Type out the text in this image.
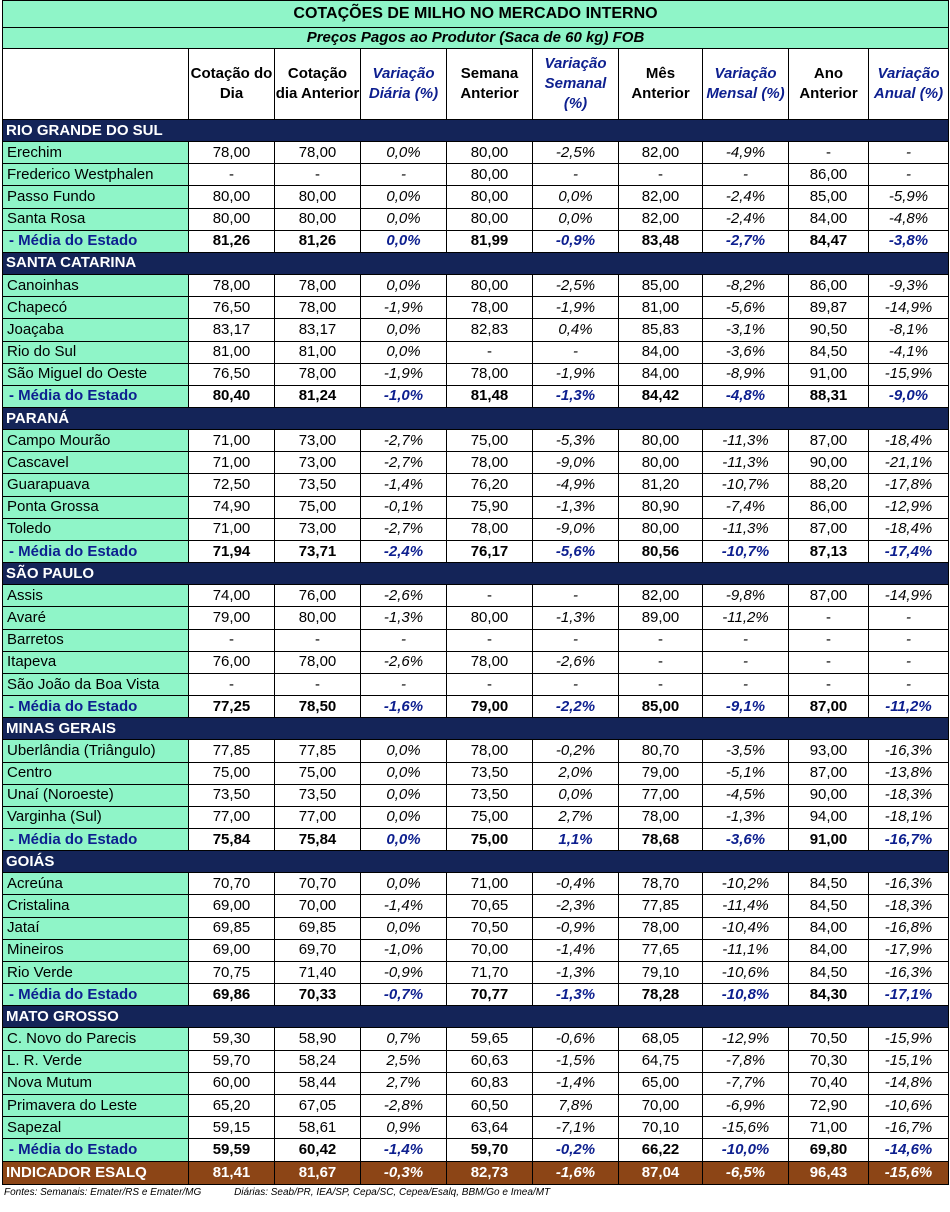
COTAÇÕES DE MILHO NO MERCADO INTERNO									
Preços Pagos ao Produtor (Saca de 60 kg) FOB									
	Cotação do Dia	Cotação dia Anterior	Variação Diária (%)	Semana Anterior	Variação Semanal (%)	Mês Anterior	Variação Mensal (%)	Ano Anterior	Variação Anual (%)
RIO GRANDE DO SUL									
Erechim	78,00	78,00	0,0%	80,00	-2,5%	82,00	-4,9%	-	-
Frederico Westphalen	-	-	-	80,00	-	-	-	86,00	-
Passo Fundo	80,00	80,00	0,0%	80,00	0,0%	82,00	-2,4%	85,00	-5,9%
Santa Rosa	80,00	80,00	0,0%	80,00	0,0%	82,00	-2,4%	84,00	-4,8%
- Média do Estado	81,26	81,26	0,0%	81,99	-0,9%	83,48	-2,7%	84,47	-3,8%
SANTA CATARINA									
Canoinhas	78,00	78,00	0,0%	80,00	-2,5%	85,00	-8,2%	86,00	-9,3%
Chapecó	76,50	78,00	-1,9%	78,00	-1,9%	81,00	-5,6%	89,87	-14,9%
Joaçaba	83,17	83,17	0,0%	82,83	0,4%	85,83	-3,1%	90,50	-8,1%
Rio do Sul	81,00	81,00	0,0%	-	-	84,00	-3,6%	84,50	-4,1%
São Miguel do Oeste	76,50	78,00	-1,9%	78,00	-1,9%	84,00	-8,9%	91,00	-15,9%
- Média do Estado	80,40	81,24	-1,0%	81,48	-1,3%	84,42	-4,8%	88,31	-9,0%
PARANÁ									
Campo Mourão	71,00	73,00	-2,7%	75,00	-5,3%	80,00	-11,3%	87,00	-18,4%
Cascavel	71,00	73,00	-2,7%	78,00	-9,0%	80,00	-11,3%	90,00	-21,1%
Guarapuava	72,50	73,50	-1,4%	76,20	-4,9%	81,20	-10,7%	88,20	-17,8%
Ponta Grossa	74,90	75,00	-0,1%	75,90	-1,3%	80,90	-7,4%	86,00	-12,9%
Toledo	71,00	73,00	-2,7%	78,00	-9,0%	80,00	-11,3%	87,00	-18,4%
- Média do Estado	71,94	73,71	-2,4%	76,17	-5,6%	80,56	-10,7%	87,13	-17,4%
SÃO PAULO									
Assis	74,00	76,00	-2,6%	-	-	82,00	-9,8%	87,00	-14,9%
Avaré	79,00	80,00	-1,3%	80,00	-1,3%	89,00	-11,2%	-	-
Barretos	-	-	-	-	-	-	-	-	-
Itapeva	76,00	78,00	-2,6%	78,00	-2,6%	-	-	-	-
São João da Boa Vista	-	-	-	-	-	-	-	-	-
- Média do Estado	77,25	78,50	-1,6%	79,00	-2,2%	85,00	-9,1%	87,00	-11,2%
MINAS GERAIS									
Uberlândia (Triângulo)	77,85	77,85	0,0%	78,00	-0,2%	80,70	-3,5%	93,00	-16,3%
Centro	75,00	75,00	0,0%	73,50	2,0%	79,00	-5,1%	87,00	-13,8%
Unaí (Noroeste)	73,50	73,50	0,0%	73,50	0,0%	77,00	-4,5%	90,00	-18,3%
Varginha (Sul)	77,00	77,00	0,0%	75,00	2,7%	78,00	-1,3%	94,00	-18,1%
- Média do Estado	75,84	75,84	0,0%	75,00	1,1%	78,68	-3,6%	91,00	-16,7%
GOIÁS									
Acreúna	70,70	70,70	0,0%	71,00	-0,4%	78,70	-10,2%	84,50	-16,3%
Cristalina	69,00	70,00	-1,4%	70,65	-2,3%	77,85	-11,4%	84,50	-18,3%
Jataí	69,85	69,85	0,0%	70,50	-0,9%	78,00	-10,4%	84,00	-16,8%
Mineiros	69,00	69,70	-1,0%	70,00	-1,4%	77,65	-11,1%	84,00	-17,9%
Rio Verde	70,75	71,40	-0,9%	71,70	-1,3%	79,10	-10,6%	84,50	-16,3%
- Média do Estado	69,86	70,33	-0,7%	70,77	-1,3%	78,28	-10,8%	84,30	-17,1%
MATO GROSSO									
C. Novo do Parecis	59,30	58,90	0,7%	59,65	-0,6%	68,05	-12,9%	70,50	-15,9%
L. R. Verde	59,70	58,24	2,5%	60,63	-1,5%	64,75	-7,8%	70,30	-15,1%
Nova Mutum	60,00	58,44	2,7%	60,83	-1,4%	65,00	-7,7%	70,40	-14,8%
Primavera do Leste	65,20	67,05	-2,8%	60,50	7,8%	70,00	-6,9%	72,90	-10,6%
Sapezal	59,15	58,61	0,9%	63,64	-7,1%	70,10	-15,6%	71,00	-16,7%
- Média do Estado	59,59	60,42	-1,4%	59,70	-0,2%	66,22	-10,0%	69,80	-14,6%
INDICADOR ESALQ	81,41	81,67	-0,3%	82,73	-1,6%	87,04	-6,5%	96,43	-15,6%
Fontes: Semanais: Emater/RS e Emater/MG	Diárias: Seab/PR, IEA/SP, Cepa/SC, Cepea/Esalq, BBM/Go e Imea/MT
